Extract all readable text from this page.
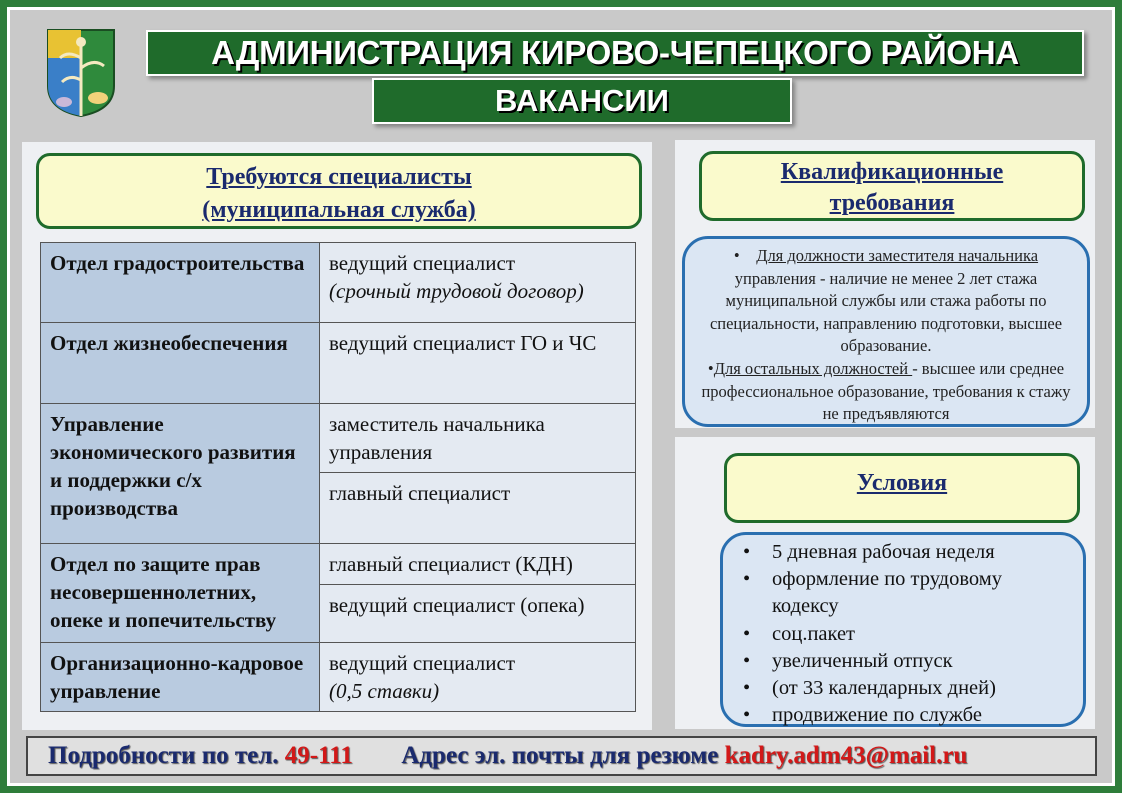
АДМИНИСТРАЦИЯ КИРОВО-ЧЕПЕЦКОГО РАЙОНА
ВАКАНСИИ
Требуются специалисты
(муниципальная служба)
Отдел градостроительства	ведущий специалист
(срочный трудовой договор)
Отдел жизнеобеспечения	ведущий специалист ГО и ЧС
Управление экономического развития и поддержки с/х производства	заместитель начальника управления
	главный специалист
Отдел по защите прав несовершеннолетних, опеке и попечительству	главный специалист (КДН)
	ведущий специалист (опека)
Организационно-кадровое управление	ведущий специалист
(0,5 ставки)
Квалификационные
требования
•    Для должности заместителя начальника управления - наличие не менее 2 лет стажа муниципальной службы или стажа работы по специальности, направлению подготовки, высшее образование.
•Для остальных должностей - высшее или среднее профессиональное образование, требования к стажу не предъявляются
Условия
• 5 дневная рабочая неделя
• оформление по трудовому кодексу
• соц.пакет
• увеличенный отпуск
• (от 33 календарных дней)
• продвижение по службе
Подробности по тел. 49-111 Адрес эл. почты для резюме kadry.adm43@mail.ru
